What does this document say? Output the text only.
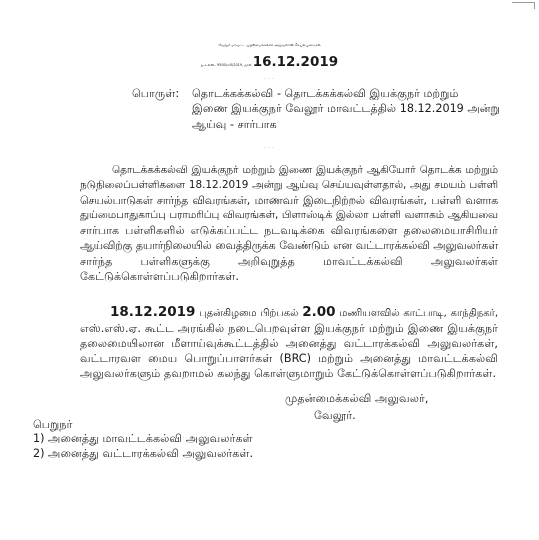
வேலூர் மாவட்ட முதன்மைக்கல்வி அலுவலரின் செயல்முறைகள்
ந.க.எண். 9500/சி5/2019, நாள் 16.12.2019
- - -
பொருள்: தொடக்கக்கல்வி - தொடக்கக்கல்வி இயக்குநர் மற்றும்
இணை இயக்குநர் வேலூர் மாவட்டத்தில் 18.12.2019 அன்று
ஆய்வு - சார்பாக
- - -
தொடக்கக்கல்வி இயக்குநர் மற்றும் இணை இயக்குநர் ஆகியோர் தொடக்க மற்றும்
நடுநிலைப்பள்ளிகளை 18.12.2019 அன்று ஆய்வு செய்யவுள்ளதால், அது சமயம் பள்ளி
செயல்பாடுகள் சார்ந்த விவரங்கள், மாணவர் இடைநிற்றல் விவரங்கள், பள்ளி வளாக
துய்மைபாதுகாப்பு பராமரிப்பு விவரங்கள், பிளாஸ்டிக் இல்லா பள்ளி வளாகம் ஆகியவை
சார்பாக பள்ளிகளில் எடுக்கப்பட்ட நடவடிக்கை விவரங்களை தலைமையாசிரியர்
ஆய்விற்கு தயார்நிலையில் வைத்திருக்க வேண்டும் என வட்டாரக்கல்வி அலுவலர்கள்
சார்ந்த பள்ளிகளுக்கு அறிவுறுத்த மாவட்டக்கல்வி அலுவலர்கள்
கேட்டுக்கொள்ளப்படுகிறார்கள்.
18.12.2019 புதன்கிழமை பிற்பகல் 2.00 மணியளவில் காட்பாடி, காந்திநகர்,
எஸ்.எஸ்.ஏ. கூட்ட அரங்கில் நடைபெறவுள்ள இயக்குநர் மற்றும் இணை இயக்குநர்
தலைமையிலான மீளாய்வுக்கூட்டத்தில் அனைத்து வட்டாரக்கல்வி அலுவலர்கள்,
வட்டாரவள மைய பொறுப்பாளர்கள் (BRC) மற்றும் அனைத்து மாவட்டக்கல்வி
அலுவலர்களும் தவறாமல் கலந்து கொள்ளுமாறும் கேட்டுக்கொள்ளப்படுகிறார்கள்.
முதன்மைக்கல்வி அலுவலர்,
வேலூர்.
பெறுநர்
1) அனைத்து மாவட்டக்கல்வி அலுவலர்கள்
2) அனைத்து வட்டாரக்கல்வி அலுவலர்கள்.
